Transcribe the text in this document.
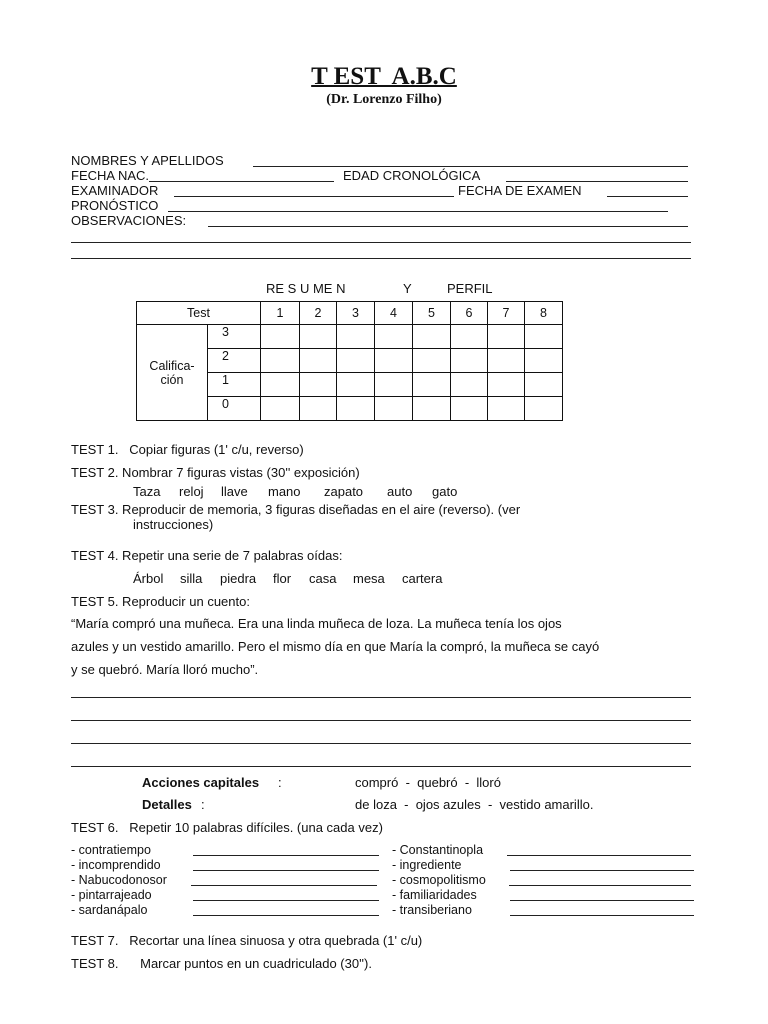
T EST  A.B.C
(Dr. Lorenzo Filho)
NOMBRES Y APELLIDOS
FECHA NAC.	EDAD CRONOLÓGICA
EXAMINADOR	FECHA DE EXAMEN
PRONÓSTICO
OBSERVACIONES:
RE S U ME N	Y	PERFIL
Test		1	2	3	4	5	6	7	8

Califica-
ción	3								
	2								
	1								
	0								
TEST 1.   Copiar figuras (1' c/u, reverso)
TEST 2. Nombrar 7 figuras vistas (30'' exposición)
Taza reloj llave mano zapato auto gato
TEST 3. Reproducir de memoria, 3 figuras diseñadas en el aire (reverso). (ver
instrucciones)
TEST 4. Repetir una serie de 7 palabras oídas:
Árbol silla piedra flor casa mesa cartera
TEST 5. Reproducir un cuento:
“María compró una muñeca. Era una linda muñeca de loza. La muñeca tenía los ojos
azules y un vestido amarillo. Pero el mismo día en que María la compró, la muñeca se cayó
y se quebró. María lloró mucho”.
Acciones capitales :	compró  -  quebró  -  lloró
Detalles :	de loza  -  ojos azules  -  vestido amarillo.
TEST 6.   Repetir 10 palabras difíciles. (una cada vez)
- contratiempo	- Constantinopla
- incomprendido	- ingrediente
- Nabucodonosor	- cosmopolitismo
- pintarrajeado	- familiaridades
- sardanápalo	- transiberiano
TEST 7.   Recortar una línea sinuosa y otra quebrada (1' c/u)
TEST 8.      Marcar puntos en un cuadriculado (30'').
